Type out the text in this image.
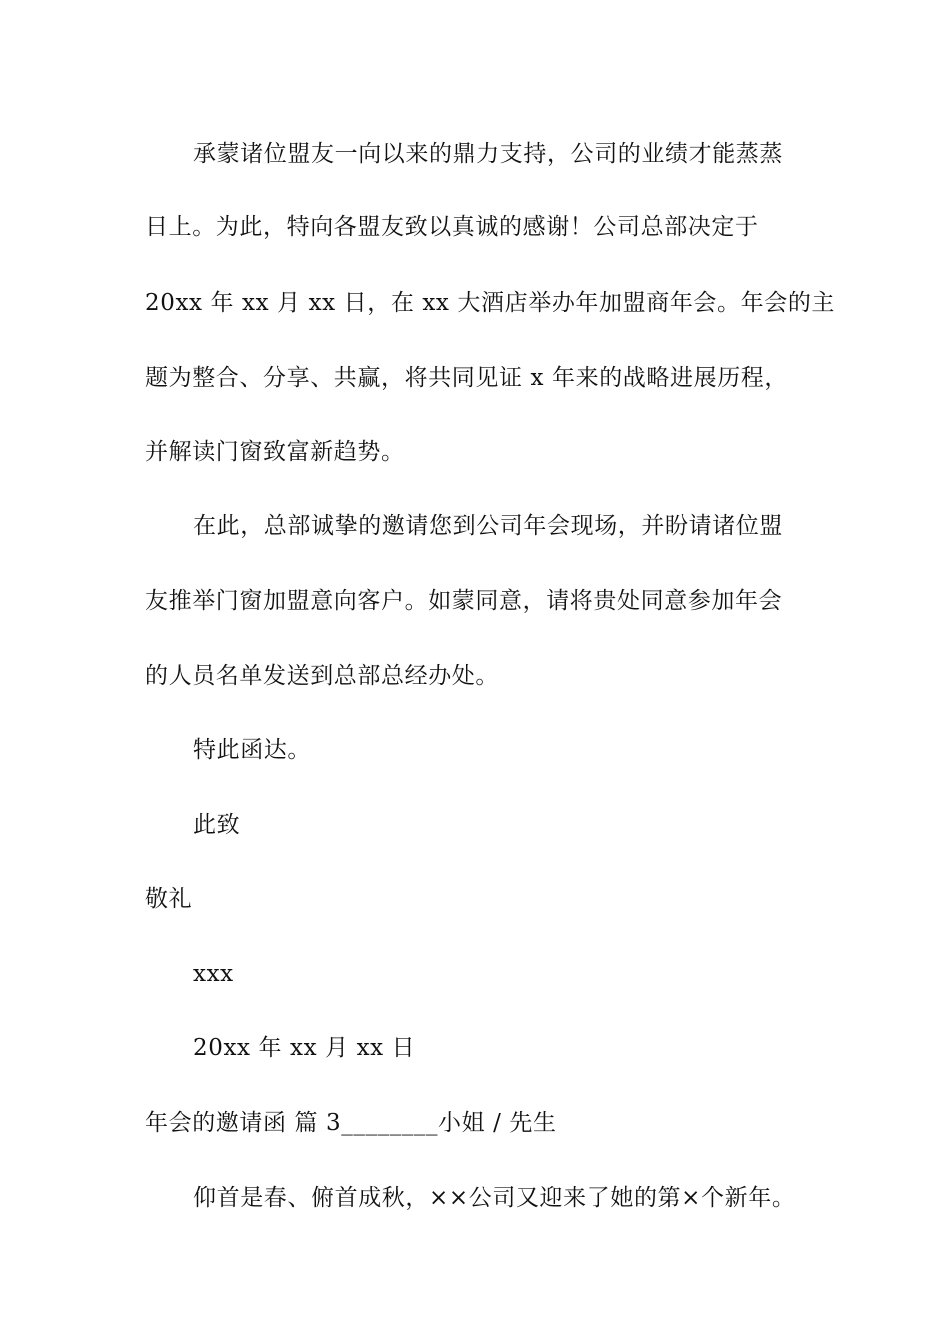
承蒙诸位盟友一向以来的鼎力支持，公司的业绩才能蒸蒸
日上。为此，特向各盟友致以真诚的感谢！公司总部决定于
20xx 年 xx 月 xx 日，在 xx 大酒店举办年加盟商年会。年会的主
题为整合、分享、共赢，将共同见证 x 年来的战略进展历程，
并解读门窗致富新趋势。
在此，总部诚挚的邀请您到公司年会现场，并盼请诸位盟
友推举门窗加盟意向客户。如蒙同意，请将贵处同意参加年会
的人员名单发送到总部总经办处。
特此函达。
此致
敬礼
xxx
20xx 年 xx 月 xx 日
年会的邀请函 篇 3________小姐 / 先生
仰首是春、俯首成秋，××公司又迎来了她的第×个新年。
